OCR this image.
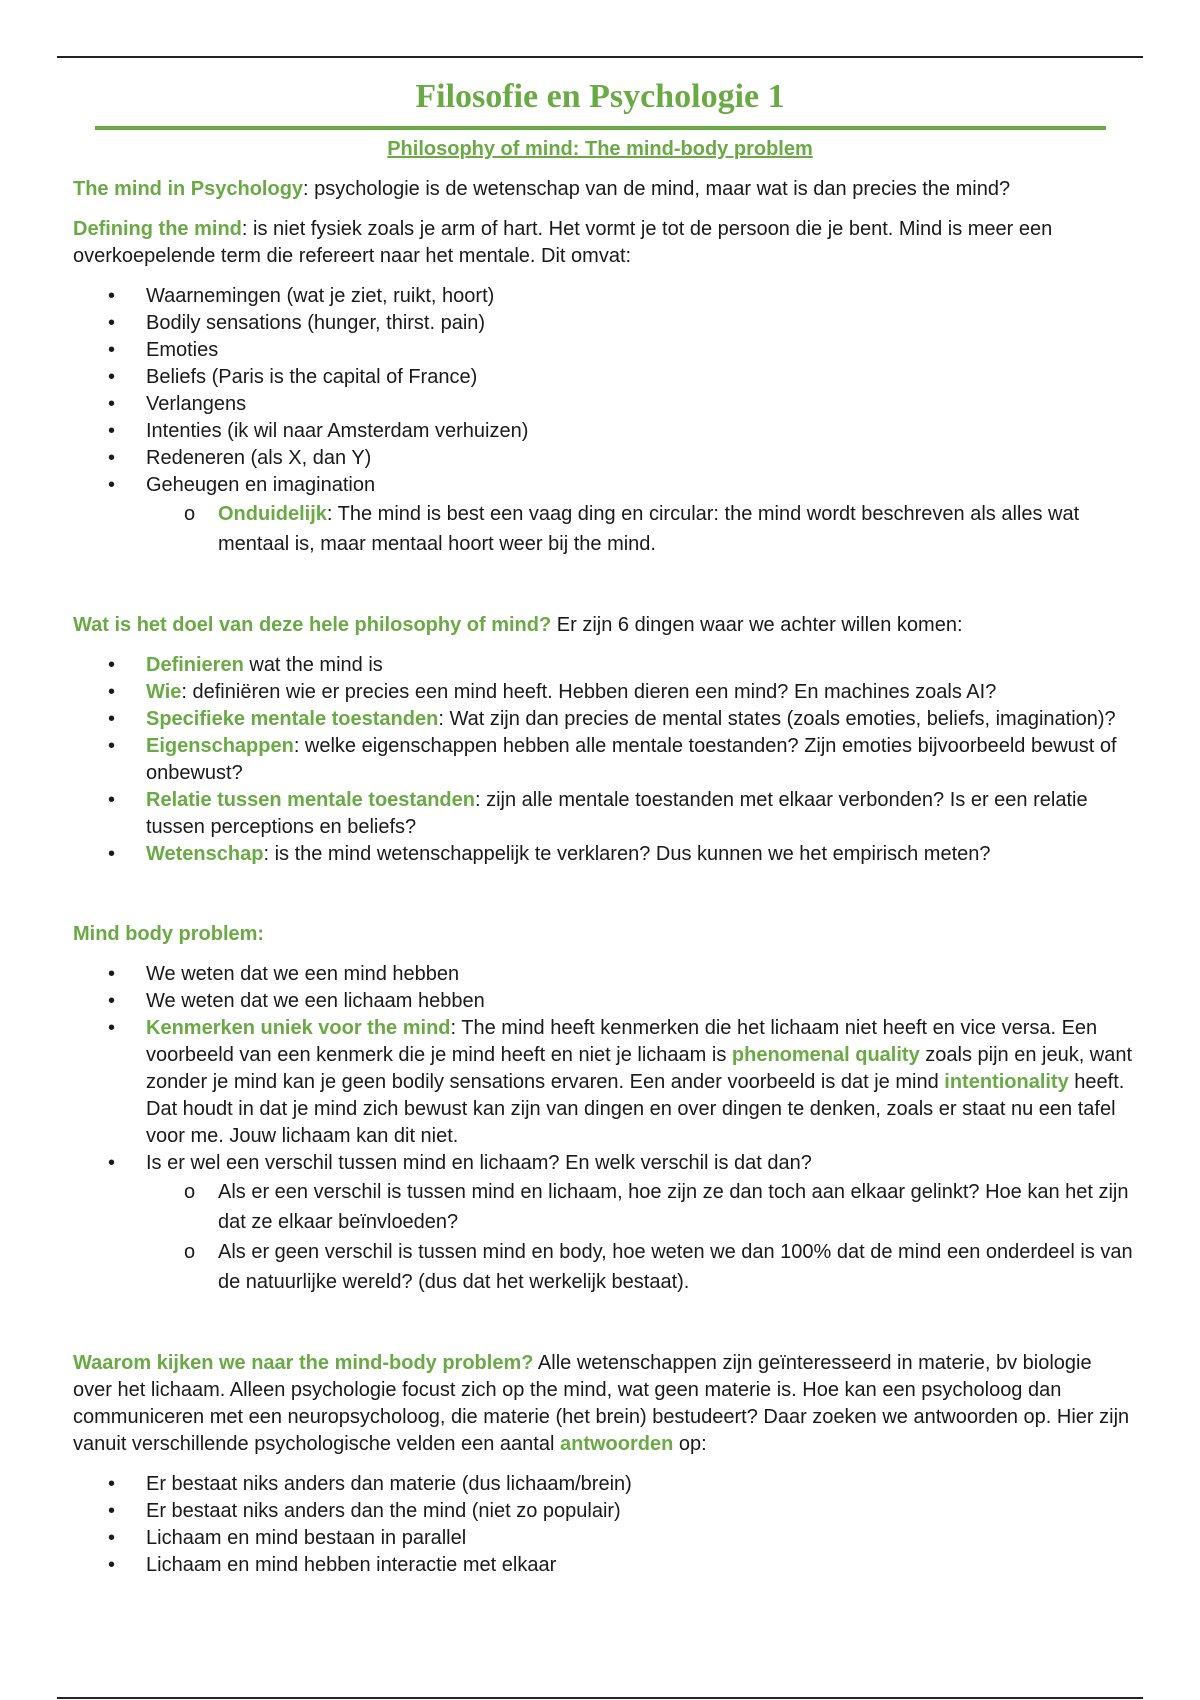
Filosofie en Psychologie 1
Philosophy of mind: The mind-body problem

The mind in Psychology: psychologie is de wetenschap van de mind, maar wat is dan precies the mind?

Defining the mind: is niet fysiek zoals je arm of hart. Het vormt je tot de persoon die je bent. Mind is meer een overkoepelende term die refereert naar het mentale. Dit omvat:

• Waarnemingen (wat je ziet, ruikt, hoort)
• Bodily sensations (hunger, thirst. pain)
• Emoties
• Beliefs (Paris is the capital of France)
• Verlangens
• Intenties (ik wil naar Amsterdam verhuizen)
• Redeneren (als X, dan Y)
• Geheugen en imagination
o Onduidelijk: The mind is best een vaag ding en circular: the mind wordt beschreven als alles wat mentaal is, maar mentaal hoort weer bij the mind.

Wat is het doel van deze hele philosophy of mind? Er zijn 6 dingen waar we achter willen komen:

• Definieren wat the mind is
• Wie: definiëren wie er precies een mind heeft. Hebben dieren een mind? En machines zoals AI?
• Specifieke mentale toestanden: Wat zijn dan precies de mental states (zoals emoties, beliefs, imagination)?
• Eigenschappen: welke eigenschappen hebben alle mentale toestanden? Zijn emoties bijvoorbeeld bewust of onbewust?
• Relatie tussen mentale toestanden: zijn alle mentale toestanden met elkaar verbonden? Is er een relatie tussen perceptions en beliefs?
• Wetenschap: is the mind wetenschappelijk te verklaren? Dus kunnen we het empirisch meten?

Mind body problem:

• We weten dat we een mind hebben
• We weten dat we een lichaam hebben
• Kenmerken uniek voor the mind: The mind heeft kenmerken die het lichaam niet heeft en vice versa. Een voorbeeld van een kenmerk die je mind heeft en niet je lichaam is phenomenal quality zoals pijn en jeuk, want zonder je mind kan je geen bodily sensations ervaren. Een ander voorbeeld is dat je mind intentionality heeft. Dat houdt in dat je mind zich bewust kan zijn van dingen en over dingen te denken, zoals er staat nu een tafel voor me. Jouw lichaam kan dit niet.
• Is er wel een verschil tussen mind en lichaam? En welk verschil is dat dan?
o Als er een verschil is tussen mind en lichaam, hoe zijn ze dan toch aan elkaar gelinkt? Hoe kan het zijn dat ze elkaar beïnvloeden?
o Als er geen verschil is tussen mind en body, hoe weten we dan 100% dat de mind een onderdeel is van de natuurlijke wereld? (dus dat het werkelijk bestaat).

Waarom kijken we naar the mind-body problem? Alle wetenschappen zijn geïnteresseerd in materie, bv biologie over het lichaam. Alleen psychologie focust zich op the mind, wat geen materie is. Hoe kan een psycholoog dan communiceren met een neuropsycholoog, die materie (het brein) bestudeert? Daar zoeken we antwoorden op. Hier zijn vanuit verschillende psychologische velden een aantal antwoorden op:

• Er bestaat niks anders dan materie (dus lichaam/brein)
• Er bestaat niks anders dan the mind (niet zo populair)
• Lichaam en mind bestaan in parallel
• Lichaam en mind hebben interactie met elkaar
